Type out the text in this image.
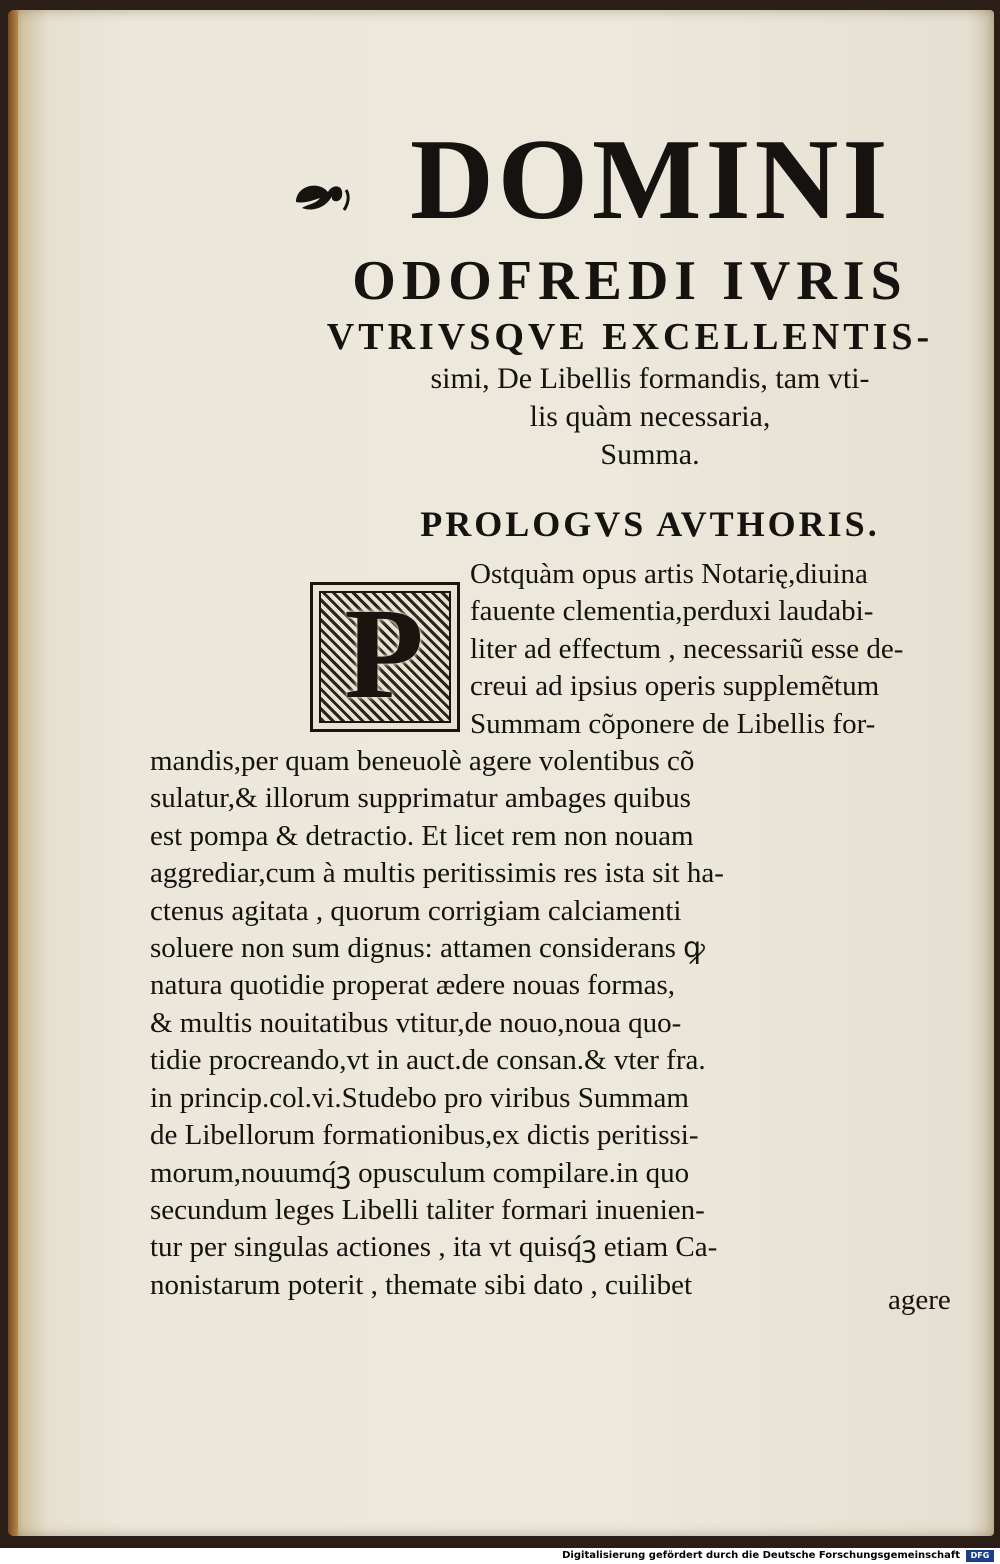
DOMINI
ODOFREDI IVRIS
VTRIVSQVE EXCELLENTIS-

simi, De Libellis formandis, tam vti-

lis quàm necessaria,

Summa.

PROLOGVS AVTHORIS.
P
Ostquàm opus artis Notarię,diuina
fauente clementia,perduxi laudabi-
liter ad effectum , necessariũ esse de-
creui ad ipsius operis supplemẽtum
Summam cõponere de Libellis for-
mandis,per quam beneuolè agere volentibus cõ
sulatur,& illorum supprimatur ambages quibus
est pompa & detractio. Et licet rem non nouam
aggrediar,cum à multis peritissimis res ista sit ha-
ctenus agitata , quorum corrigiam calciamenti
soluere non sum dignus: attamen considerans ꝙ
natura quotidie properat ædere nouas formas,
& multis nouitatibus vtitur,de nouo,noua quo-
tidie procreando,vt in auct.de consan.& vter fra.
in princip.col.vi.Studebo pro viribus Summam
de Libellorum formationibus,ex dictis peritissi-
morum,nouumq́ꝫ opusculum compilare.in quo
secundum leges Libelli taliter formari inuenien-
tur per singulas actiones , ita vt quisq́ꝫ etiam Ca-
nonistarum poterit , themate sibi dato , cuilibet	agere
Digitalisierung gefördert durch die Deutsche Forschungsgemeinschaft	DFG
